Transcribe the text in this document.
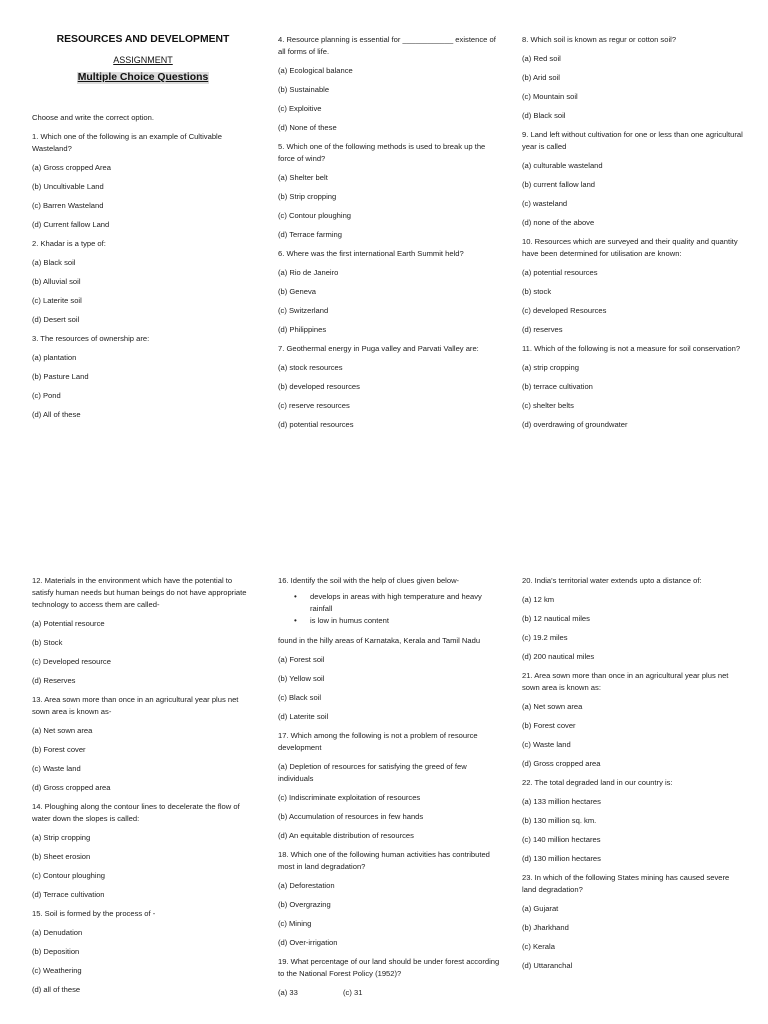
RESOURCES AND DEVELOPMENT
ASSIGNMENT
Multiple Choice Questions
Choose and write the correct option.
1. Which one of the following is an example of Cultivable Wasteland?
(a) Gross cropped Area
(b) Uncultivable Land
(c) Barren Wasteland
(d) Current fallow Land
2. Khadar is a type of:
(a) Black soil
(b) Alluvial soil
(c) Laterite soil
(d) Desert soil
3. The resources of ownership are:
(a) plantation
(b) Pasture Land
(c) Pond
(d) All of these
4. Resource planning is essential for ____________ existence of all forms of life.
(a) Ecological balance
(b) Sustainable
(c) Exploitive
(d) None of these
5. Which one of the following methods is used to break up the force of wind?
(a) Shelter belt
(b) Strip cropping
(c) Contour ploughing
(d) Terrace farming
6. Where was the first international Earth Summit held?
(a) Rio de Janeiro
(b) Geneva
(c) Switzerland
(d) Philippines
7. Geothermal energy in Puga valley and Parvati Valley are:
(a) stock resources
(b) developed resources
(c) reserve resources
(d) potential resources
8. Which soil is known as regur or cotton soil?
(a) Red soil
(b) Arid soil
(c) Mountain soil
(d) Black soil
9. Land left without cultivation for one or less than one agricultural year is called
(a) culturable wasteland
(b) current fallow land
(c) wasteland
(d) none of the above
10. Resources which are surveyed and their quality and quantity have been determined for utilisation are known:
(a) potential resources
(b) stock
(c) developed Resources
(d) reserves
11. Which of the following is not a measure for soil conservation?
(a) strip cropping
(b) terrace cultivation
(c) shelter belts
(d) overdrawing of groundwater
12. Materials in the environment which have the potential to satisfy human needs but human beings do not have appropriate technology to access them are called-
(a) Potential resource
(b) Stock
(c) Developed resource
(d) Reserves
13. Area sown more than once in an agricultural year plus net sown area is known as-
(a) Net sown area
(b) Forest cover
(c) Waste land
(d) Gross cropped area
14. Ploughing along the contour lines to decelerate the flow of water down the slopes is called:
(a) Strip cropping
(b) Sheet erosion
(c) Contour ploughing
(d) Terrace cultivation
15. Soil is formed by the process of -
(a) Denudation
(b) Deposition
(c) Weathering
(d) all of these
16. Identify the soil with the help of clues given below-
• develops in areas with high temperature and heavy rainfall
• is low in humus content
found in the hilly areas of Karnataka, Kerala and Tamil Nadu
(a) Forest soil
(b) Yellow soil
(c) Black soil
(d) Laterite soil
17. Which among the following is not a problem of resource development
(a) Depletion of resources for satisfying the greed of few individuals
(c) Indiscriminate exploitation of resources
(b) Accumulation of resources in few hands
(d) An equitable distribution of resources
18. Which one of the following human activities has contributed most in land degradation?
(a) Deforestation
(b) Overgrazing
(c) Mining
(d) Over-irrigation
19. What percentage of our land should be under forest according to the National Forest Policy (1952)?
(a) 33	(c) 31
20. India's territorial water extends upto a distance of:
(a) 12 km
(b) 12 nautical miles
(c) 19.2 miles
(d) 200 nautical miles
21. Area sown more than once in an agricultural year plus net sown area is known as:
(a) Net sown area
(b) Forest cover
(c) Waste land
(d) Gross cropped area
22. The total degraded land in our country is:
(a) 133 million hectares
(b) 130 million sq. km.
(c) 140 million hectares
(d) 130 million hectares
23. In which of the following States mining has caused severe land degradation?
(a) Gujarat
(b) Jharkhand
(c) Kerala
(d) Uttaranchal
